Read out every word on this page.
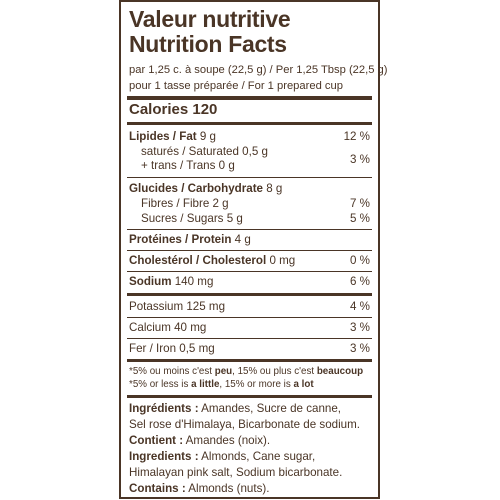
Valeur nutritive
Nutrition Facts
par 1,25 c. à soupe (22,5 g) / Per 1,25 Tbsp (22,5 g)
pour 1 tasse préparée / For 1 prepared cup
Calories 120
Lipides / Fat 9 g	12 %
saturés / Saturated 0,5 g
+ trans / Trans 0 g	3 %
Glucides / Carbohydrate 8 g
Fibres / Fibre 2 g	7 %
Sucres / Sugars 5 g	5 %
Protéines / Protein 4 g
Cholestérol / Cholesterol 0 mg	0 %
Sodium 140 mg	6 %
Potassium 125 mg	4 %
Calcium 40 mg	3 %
Fer / Iron 0,5 mg	3 %
*5% ou moins c'est peu, 15% ou plus c'est beaucoup
*5% or less is a little, 15% or more is a lot
Ingrédients : Amandes, Sucre de canne,
Sel rose d'Himalaya, Bicarbonate de sodium.
Contient : Amandes (noix).
Ingredients : Almonds, Cane sugar,
Himalayan pink salt, Sodium bicarbonate.
Contains : Almonds (nuts).
